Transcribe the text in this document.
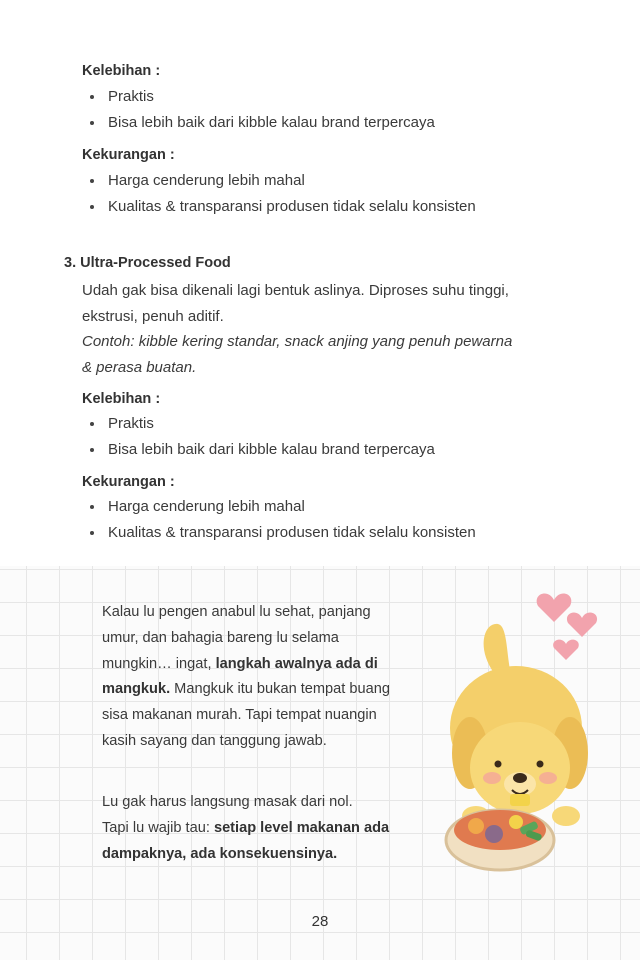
Kelebihan :
Praktis
Bisa lebih baik dari kibble kalau brand terpercaya
Kekurangan :
Harga cenderung lebih mahal
Kualitas & transparansi produsen tidak selalu konsisten
3. Ultra-Processed Food

Udah gak bisa dikenali lagi bentuk aslinya. Diproses suhu tinggi,
ekstrusi, penuh aditif.

Contoh: kibble kering standar, snack anjing yang penuh pewarna
& perasa buatan.

Kelebihan :
Praktis
Bisa lebih baik dari kibble kalau brand terpercaya
Kekurangan :
Harga cenderung lebih mahal
Kualitas & transparansi produsen tidak selalu konsisten

Kalau lu pengen anabul lu sehat, panjang
umur, dan bahagia bareng lu selama
mungkin… ingat, langkah awalnya ada di
mangkuk. Mangkuk itu bukan tempat buang
sisa makanan murah. Tapi tempat nuangin
kasih sayang dan tanggung jawab.

Lu gak harus langsung masak dari nol.
Tapi lu wajib tau: setiap level makanan ada
dampaknya, ada konsekuensinya.

28
